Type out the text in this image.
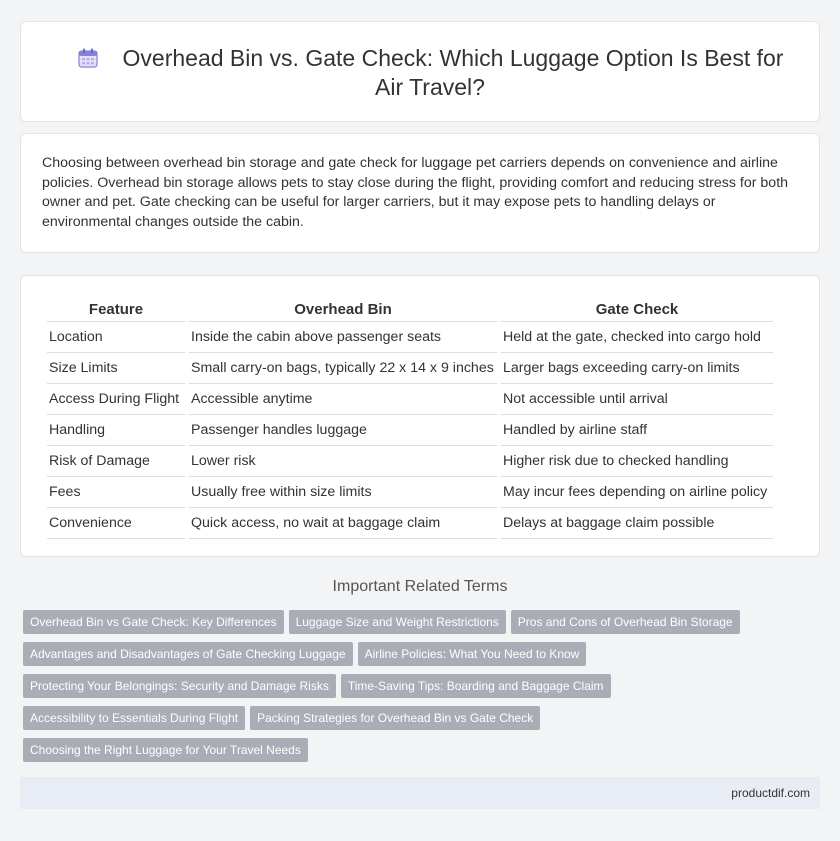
Overhead Bin vs. Gate Check: Which Luggage Option Is Best for Air Travel?
Choosing between overhead bin storage and gate check for luggage pet carriers depends on convenience and airline policies. Overhead bin storage allows pets to stay close during the flight, providing comfort and reducing stress for both owner and pet. Gate checking can be useful for larger carriers, but it may expose pets to handling delays or environmental changes outside the cabin.
Feature	Overhead Bin	Gate Check
Location	Inside the cabin above passenger seats	Held at the gate, checked into cargo hold
Size Limits	Small carry-on bags, typically 22 x 14 x 9 inches	Larger bags exceeding carry-on limits
Access During Flight	Accessible anytime	Not accessible until arrival
Handling	Passenger handles luggage	Handled by airline staff
Risk of Damage	Lower risk	Higher risk due to checked handling
Fees	Usually free within size limits	May incur fees depending on airline policy
Convenience	Quick access, no wait at baggage claim	Delays at baggage claim possible
Important Related Terms
Overhead Bin vs Gate Check: Key Differences Luggage Size and Weight Restrictions Pros and Cons of Overhead Bin Storage
Advantages and Disadvantages of Gate Checking Luggage Airline Policies: What You Need to Know
Protecting Your Belongings: Security and Damage Risks Time-Saving Tips: Boarding and Baggage Claim
Accessibility to Essentials During Flight Packing Strategies for Overhead Bin vs Gate Check
Choosing the Right Luggage for Your Travel Needs
productdif.com
